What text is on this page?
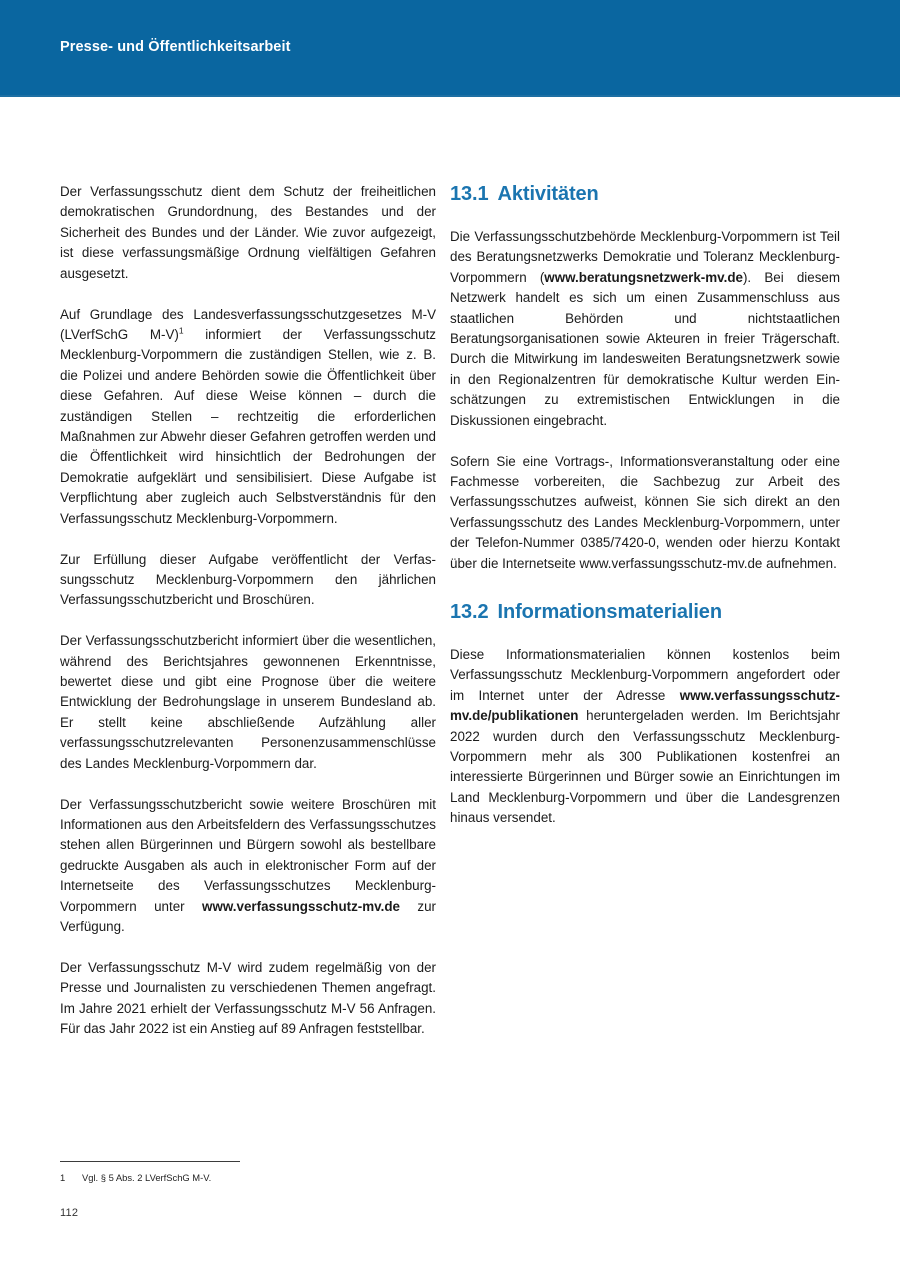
Presse- und Öffentlichkeitsarbeit

Der Verfassungsschutz dient dem Schutz der freiheitlichen demokratischen Grundordnung, des Bestandes und der Sicherheit des Bundes und der Länder. Wie zuvor aufgezeigt, ist diese verfassungsmäßige Ordnung vielfältigen Gefahren ausgesetzt.

Auf Grundlage des Landesverfassungsschutzgesetzes M-V (LVerfSchG M-V)$^1$ informiert der Verfassungsschutz Mecklenburg-Vorpommern die zuständigen Stellen, wie z. B. die Polizei und andere Behörden sowie die Öffentlichkeit über diese Gefahren. Auf diese Weise können – durch die zuständigen Stellen – rechtzeitig die erforderlichen Maßnahmen zur Abwehr dieser Gefahren getroffen werden und die Öffentlichkeit wird hinsichtlich der Bedrohungen der Demokratie aufgeklärt und sensibilisiert. Diese Aufgabe ist Verpflichtung aber zugleich auch Selbstverständnis für den Verfassungsschutz Mecklenburg-Vorpommern.

Zur Erfüllung dieser Aufgabe veröffentlicht der Verfassungsschutz Mecklenburg-Vorpommern den jährlichen Verfassungsschutzbericht und Broschüren.

Der Verfassungsschutzbericht informiert über die wesentlichen, während des Berichtsjahres gewonnenen Erkenntnisse, bewertet diese und gibt eine Prognose über die weitere Entwicklung der Bedrohungslage in unserem Bundesland ab. Er stellt keine abschließende Aufzählung aller verfassungsschutzrelevanten Personenzusammenschlüsse des Landes Mecklenburg-Vorpommern dar.

Der Verfassungsschutzbericht sowie weitere Broschüren mit Informationen aus den Arbeitsfeldern des Verfassungsschutzes stehen allen Bürgerinnen und Bürgern sowohl als bestellbare gedruckte Ausgaben als auch in elektronischer Form auf der Internetseite des Verfassungsschutzes Mecklenburg-Vorpommern unter www.verfassungsschutz-mv.de zur Verfügung.

Der Verfassungsschutz M-V wird zudem regelmäßig von der Presse und Journalisten zu verschiedenen Themen angefragt. Im Jahre 2021 erhielt der Verfassungsschutz M-V 56 Anfragen. Für das Jahr 2022 ist ein Anstieg auf 89 Anfragen feststellbar.

13.1 Aktivitäten

Die Verfassungsschutzbehörde Mecklenburg-Vorpommern ist Teil des Beratungsnetzwerks Demokratie und Toleranz Mecklenburg-Vorpommern (www.beratungsnetzwerk-mv.de). Bei diesem Netzwerk handelt es sich um einen Zusammenschluss aus staatlichen Behörden und nichtstaatlichen Beratungsorganisationen sowie Akteuren in freier Trägerschaft. Durch die Mitwirkung im landesweiten Beratungsnetzwerk sowie in den Regionalzentren für demokratische Kultur werden Einschätzungen zu extremistischen Entwicklungen in die Diskussionen eingebracht.

Sofern Sie eine Vortrags-, Informationsveranstaltung oder eine Fachmesse vorbereiten, die Sachbezug zur Arbeit des Verfassungsschutzes aufweist, können Sie sich direkt an den Verfassungsschutz des Landes Mecklenburg-Vorpommern, unter der Telefon-Nummer 0385/7420-0, wenden oder hierzu Kontakt über die Internetseite www.verfassungsschutz-mv.de aufnehmen.

13.2 Informationsmaterialien

Diese Informationsmaterialien können kostenlos beim Verfassungsschutz Mecklenburg-Vorpommern angefordert oder im Internet unter der Adresse www.verfassungsschutz-mv.de/publikationen heruntergeladen werden. Im Berichtsjahr 2022 wurden durch den Verfassungsschutz Mecklenburg-Vorpommern mehr als 300 Publikationen kostenfrei an interessierte Bürgerinnen und Bürger sowie an Einrichtungen im Land Mecklenburg-Vorpommern und über die Landesgrenzen hinaus versendet.

1	Vgl. § 5 Abs. 2 LVerfSchG M-V.
112
